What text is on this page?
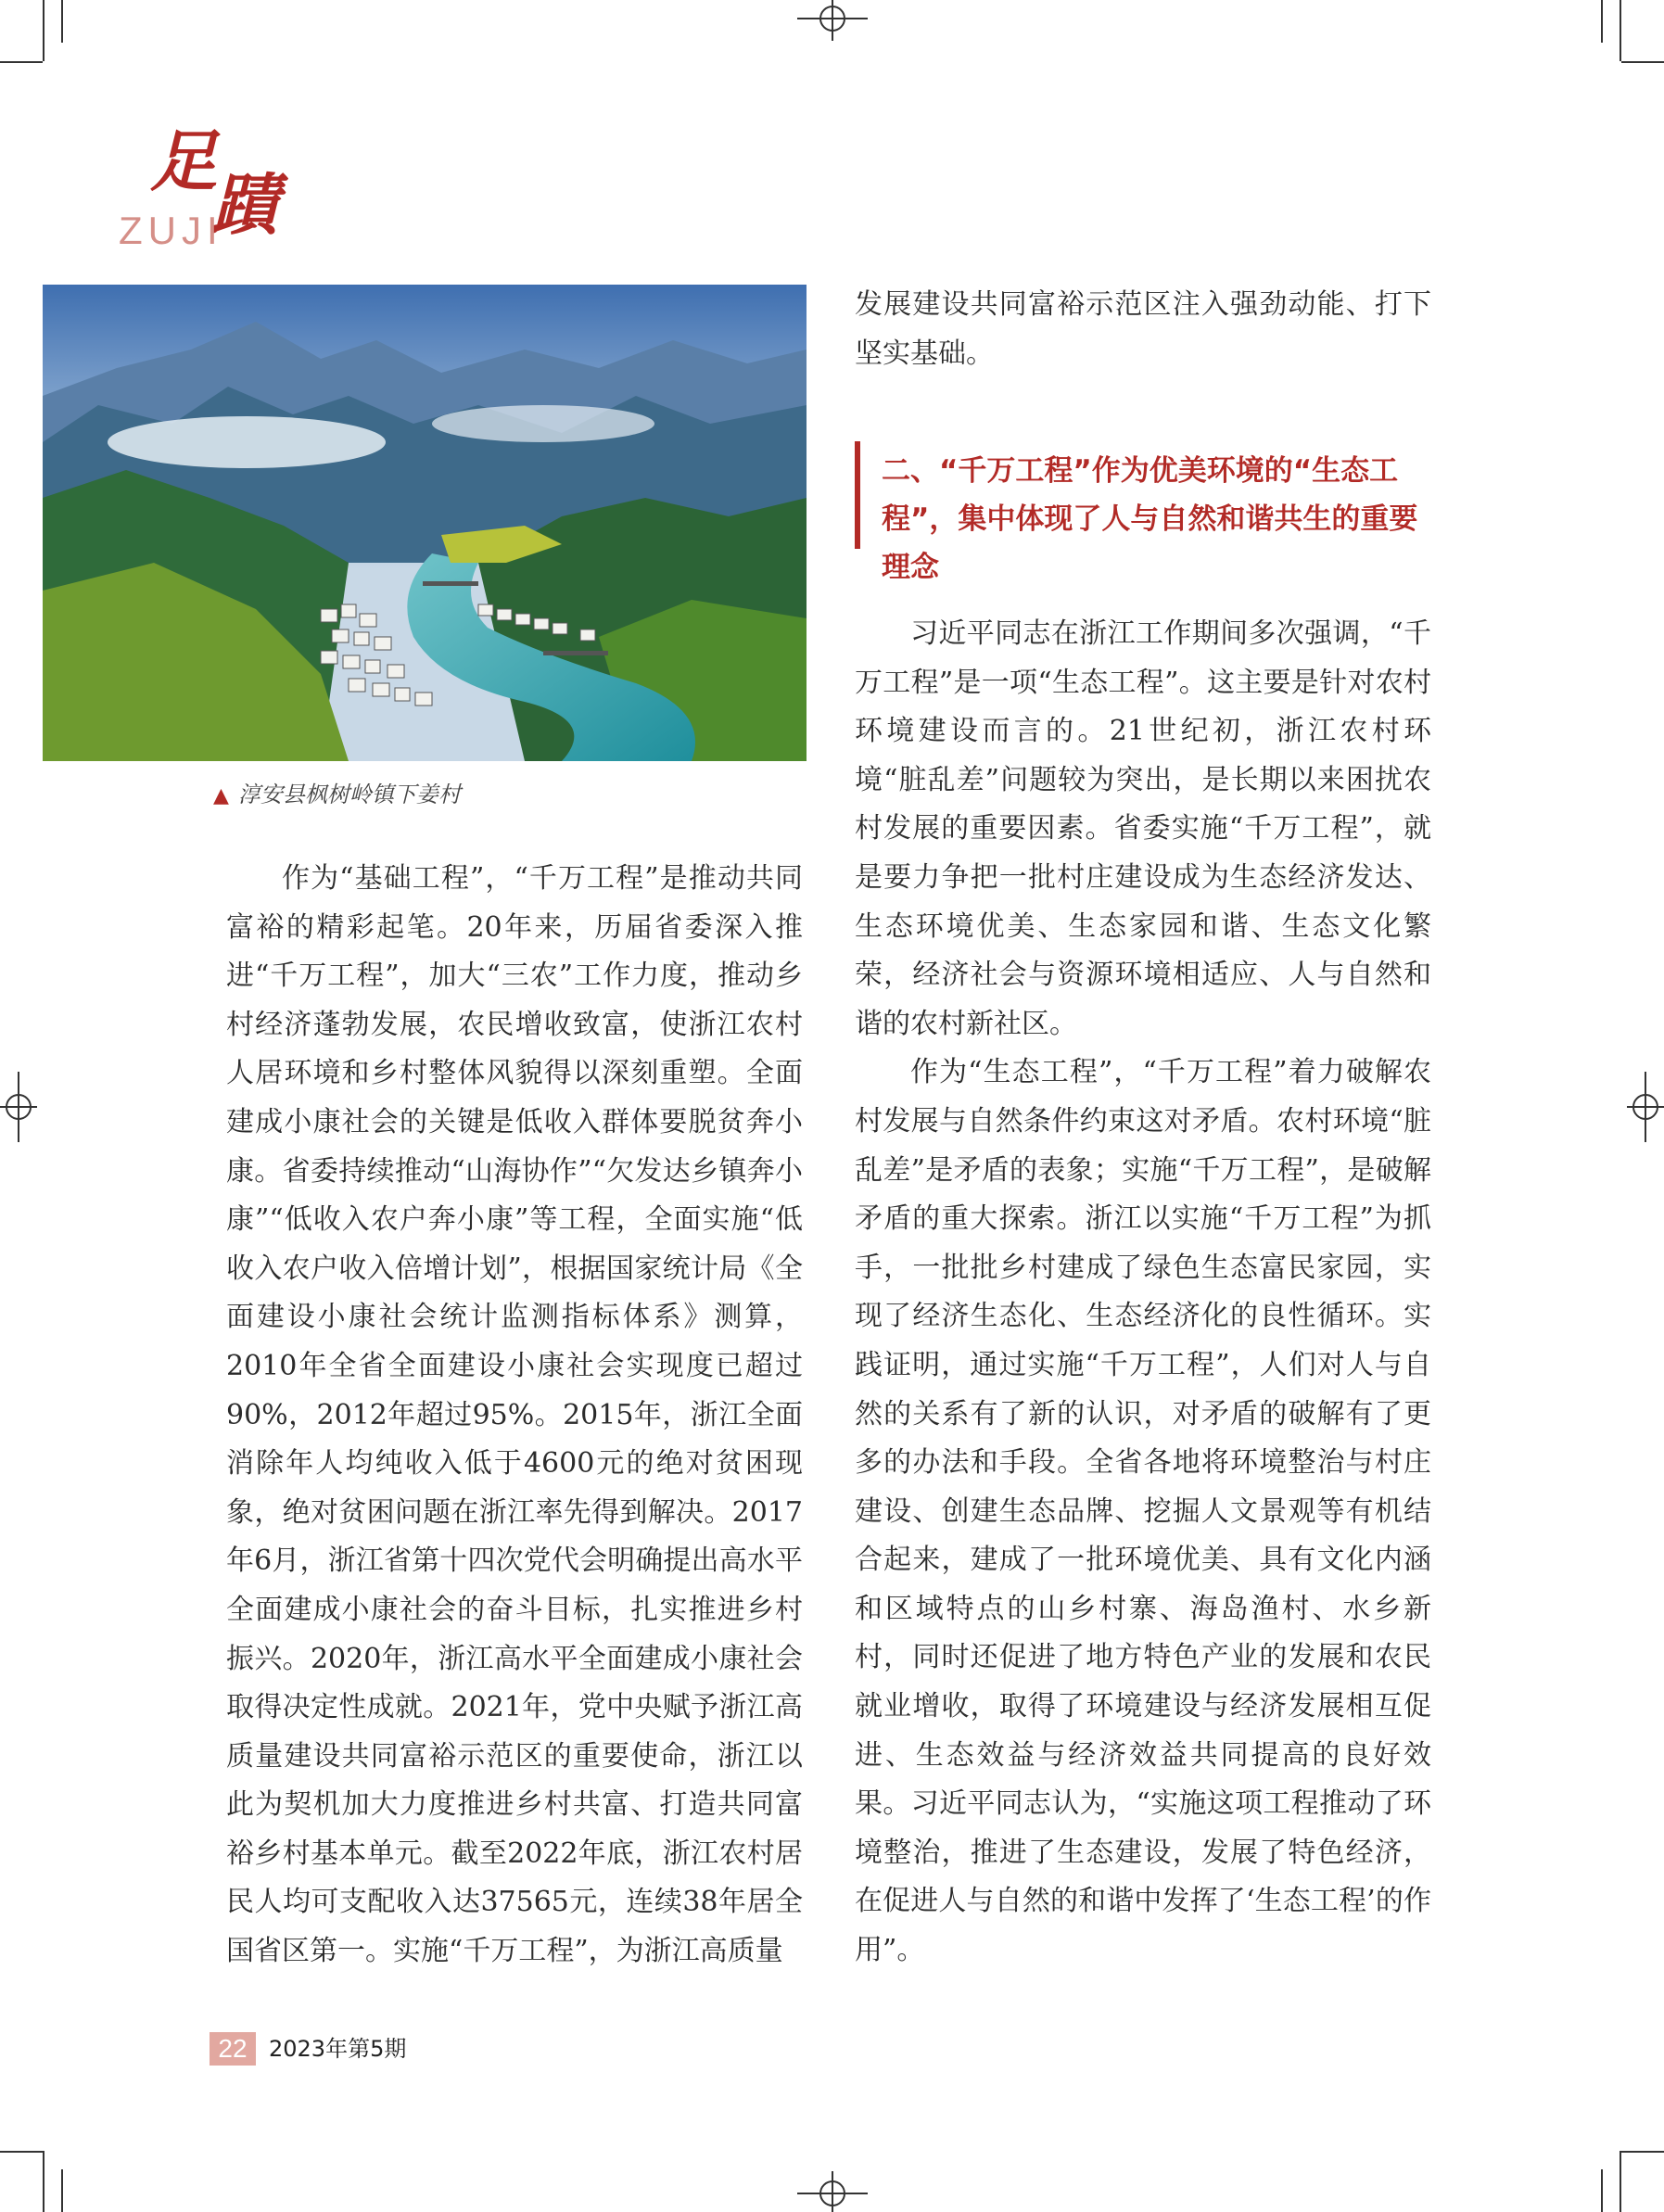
足
蹟
ZUJI
▲ 淳安县枫树岭镇下姜村

作为“基础工程”，“千万工程”是推动共同富裕的精彩起笔。20年来，历届省委深入推进“千万工程”，加大“三农”工作力度，推动乡村经济蓬勃发展，农民增收致富，使浙江农村人居环境和乡村整体风貌得以深刻重塑。全面建成小康社会的关键是低收入群体要脱贫奔小康。省委持续推动“山海协作”“欠发达乡镇奔小康”“低收入农户奔小康”等工程，全面实施“低收入农户收入倍增计划”，根据国家统计局《全面建设小康社会统计监测指标体系》测算，2010年全省全面建设小康社会实现度已超过90%，2012年超过95%。2015年，浙江全面消除年人均纯收入低于4600元的绝对贫困现象，绝对贫困问题在浙江率先得到解决。2017年6月，浙江省第十四次党代会明确提出高水平全面建成小康社会的奋斗目标，扎实推进乡村振兴。2020年，浙江高水平全面建成小康社会取得决定性成就。2021年，党中央赋予浙江高质量建设共同富裕示范区的重要使命，浙江以此为契机加大力度推进乡村共富、打造共同富裕乡村基本单元。截至2022年底，浙江农村居民人均可支配收入达37565元，连续38年居全国省区第一。实施“千万工程”，为浙江高质量

发展建设共同富裕示范区注入强劲动能、打下坚实基础。

二、“千万工程”作为优美环境的“生态工程”，集中体现了人与自然和谐共生的重要理念

习近平同志在浙江工作期间多次强调，“千万工程”是一项“生态工程”。这主要是针对农村环境建设而言的。21世纪初，浙江农村环境“脏乱差”问题较为突出，是长期以来困扰农村发展的重要因素。省委实施“千万工程”，就是要力争把一批村庄建设成为生态经济发达、生态环境优美、生态家园和谐、生态文化繁荣，经济社会与资源环境相适应、人与自然和谐的农村新社区。

作为“生态工程”，“千万工程”着力破解农村发展与自然条件约束这对矛盾。农村环境“脏乱差”是矛盾的表象；实施“千万工程”，是破解矛盾的重大探索。浙江以实施“千万工程”为抓手，一批批乡村建成了绿色生态富民家园，实现了经济生态化、生态经济化的良性循环。实践证明，通过实施“千万工程”，人们对人与自然的关系有了新的认识，对矛盾的破解有了更多的办法和手段。全省各地将环境整治与村庄建设、创建生态品牌、挖掘人文景观等有机结合起来，建成了一批环境优美、具有文化内涵和区域特点的山乡村寨、海岛渔村、水乡新村，同时还促进了地方特色产业的发展和农民就业增收，取得了环境建设与经济发展相互促进、生态效益与经济效益共同提高的良好效果。习近平同志认为，“实施这项工程推动了环境整治，推进了生态建设，发展了特色经济，在促进人与自然的和谐中发挥了‘生态工程’的作用”。

22 2023年第5期
